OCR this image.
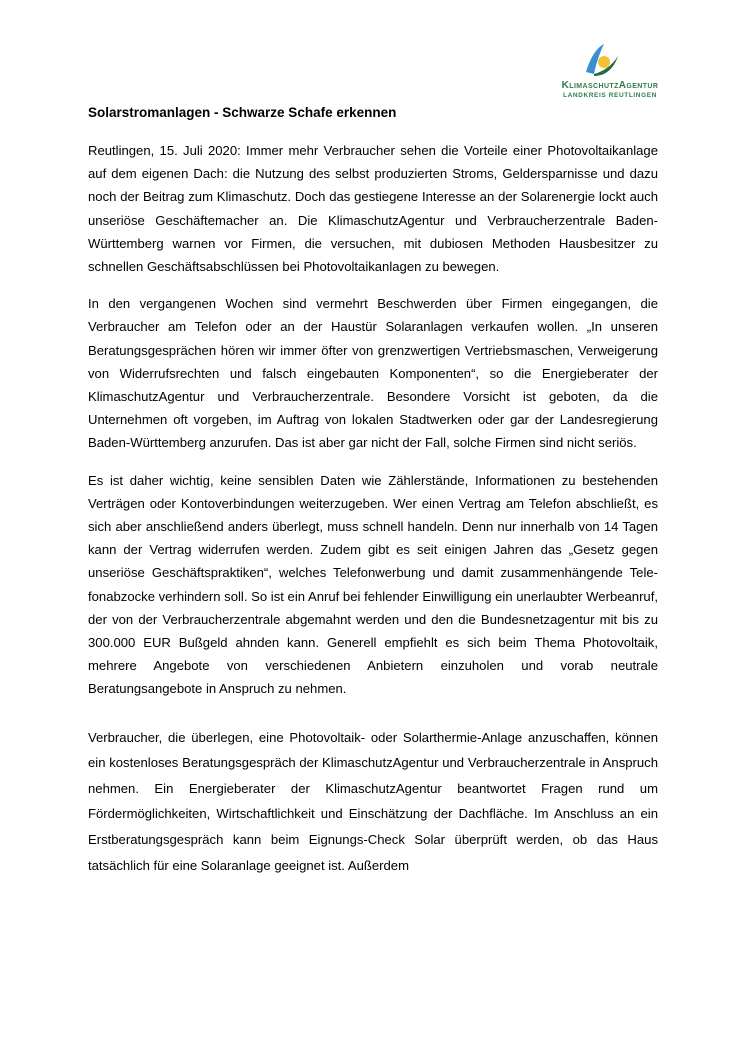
KlimaschutzAgentur
LANDKREIS REUTLINGEN
Solarstromanlagen - Schwarze Schafe erkennen

Reutlingen, 15. Juli 2020: Immer mehr Verbraucher sehen die Vorteile einer Photovoltaikanlage auf dem eigenen Dach: die Nutzung des selbst produzierten Stroms, Geldersparnisse und dazu noch der Beitrag zum Klimaschutz. Doch das gestiegene Interesse an der Solarenergie lockt auch unseriöse Geschäftemacher an. Die KlimaschutzAgentur und Verbraucherzentrale Baden-Württemberg warnen vor Firmen, die versuchen, mit dubiosen Methoden Hausbesitzer zu schnellen Geschäftsabschlüssen bei Photovoltaikanlagen zu bewegen.

In den vergangenen Wochen sind vermehrt Beschwerden über Firmen eingegangen, die Verbraucher am Telefon oder an der Haustür Solaranlagen verkaufen wollen. „In unseren Beratungsgesprächen hören wir immer öfter von grenzwertigen Vertriebsmaschen, Verweigerung von Widerrufsrechten und falsch eingebauten Komponenten“, so die Energieberater der KlimaschutzAgentur und Verbraucherzentrale. Besondere Vorsicht ist geboten, da die Unternehmen oft vorgeben, im Auftrag von lokalen Stadtwerken oder gar der Landesregierung Baden-Württemberg anzurufen. Das ist aber gar nicht der Fall, solche Firmen sind nicht seriös.

Es ist daher wichtig, keine sensiblen Daten wie Zählerstände, Informationen zu bestehenden Verträgen oder Kontoverbindungen weiterzugeben. Wer einen Vertrag am Telefon abschließt, es sich aber anschließend anders überlegt, muss schnell handeln. Denn nur innerhalb von 14 Tagen kann der Vertrag widerrufen werden. Zudem gibt es seit einigen Jahren das „Gesetz gegen unseriöse Geschäftspraktiken“, welches Telefonwerbung und damit zusammenhängende Tele-fonabzocke verhindern soll. So ist ein Anruf bei fehlender Einwilligung ein unerlaubter Werbeanruf, der von der Verbraucherzentrale abgemahnt werden und den die Bundesnetzagentur mit bis zu 300.000 EUR Bußgeld ahnden kann. Generell empfiehlt es sich beim Thema Photovoltaik, mehrere Angebote von verschiedenen Anbietern einzuholen und vorab neutrale Beratungsangebote in Anspruch zu nehmen.

Verbraucher, die überlegen, eine Photovoltaik- oder Solarthermie-Anlage anzuschaffen, können ein kostenloses Beratungsgespräch der KlimaschutzAgentur und Verbraucherzentrale in Anspruch nehmen. Ein Energieberater der KlimaschutzAgentur beantwortet Fragen rund um Fördermöglichkeiten, Wirtschaftlichkeit und Einschätzung der Dachfläche. Im Anschluss an ein Erstberatungsgespräch kann beim Eignungs-Check Solar überprüft werden, ob das Haus tatsächlich für eine Solaranlage geeignet ist. Außerdem
